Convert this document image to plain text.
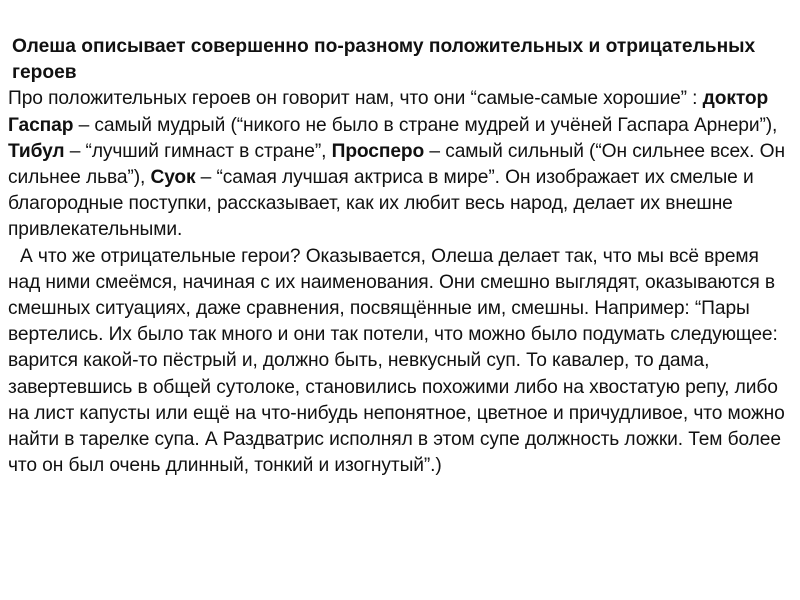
Олеша описывает совершенно по-разному положительных и отрицательных героев

Про положительных героев он говорит нам, что они “самые-самые хорошие” : доктор Гаспар – самый мудрый (“никого не было в стране мудрей и учёней Гаспара Арнери”), Тибул – “лучший гимнаст в стране”, Просперо – самый сильный (“Он сильнее всех. Он сильнее льва”), Суок – “самая лучшая актриса в мире”. Он изображает их смелые и благородные поступки, рассказывает, как их любит весь народ, делает их внешне привлекательными.

А что же отрицательные герои? Оказывается, Олеша делает так, что мы всё время над ними смеёмся, начиная с их наименования. Они смешно выглядят, оказываются в смешных ситуациях, даже сравнения, посвящённые им, смешны. Например: “Пары вертелись. Их было так много и они так потели, что можно было подумать следующее: варится какой-то пёстрый и, должно быть, невкусный суп. То кавалер, то дама, завертевшись в общей сутолоке, становились похожими либо на хвостатую репу, либо на лист капусты или ещё на что-нибудь непонятное, цветное и причудливое, что можно найти в тарелке супа. А Раздватрис исполнял в этом супе должность ложки. Тем более что он был очень длинный, тонкий и изогнутый”.)
